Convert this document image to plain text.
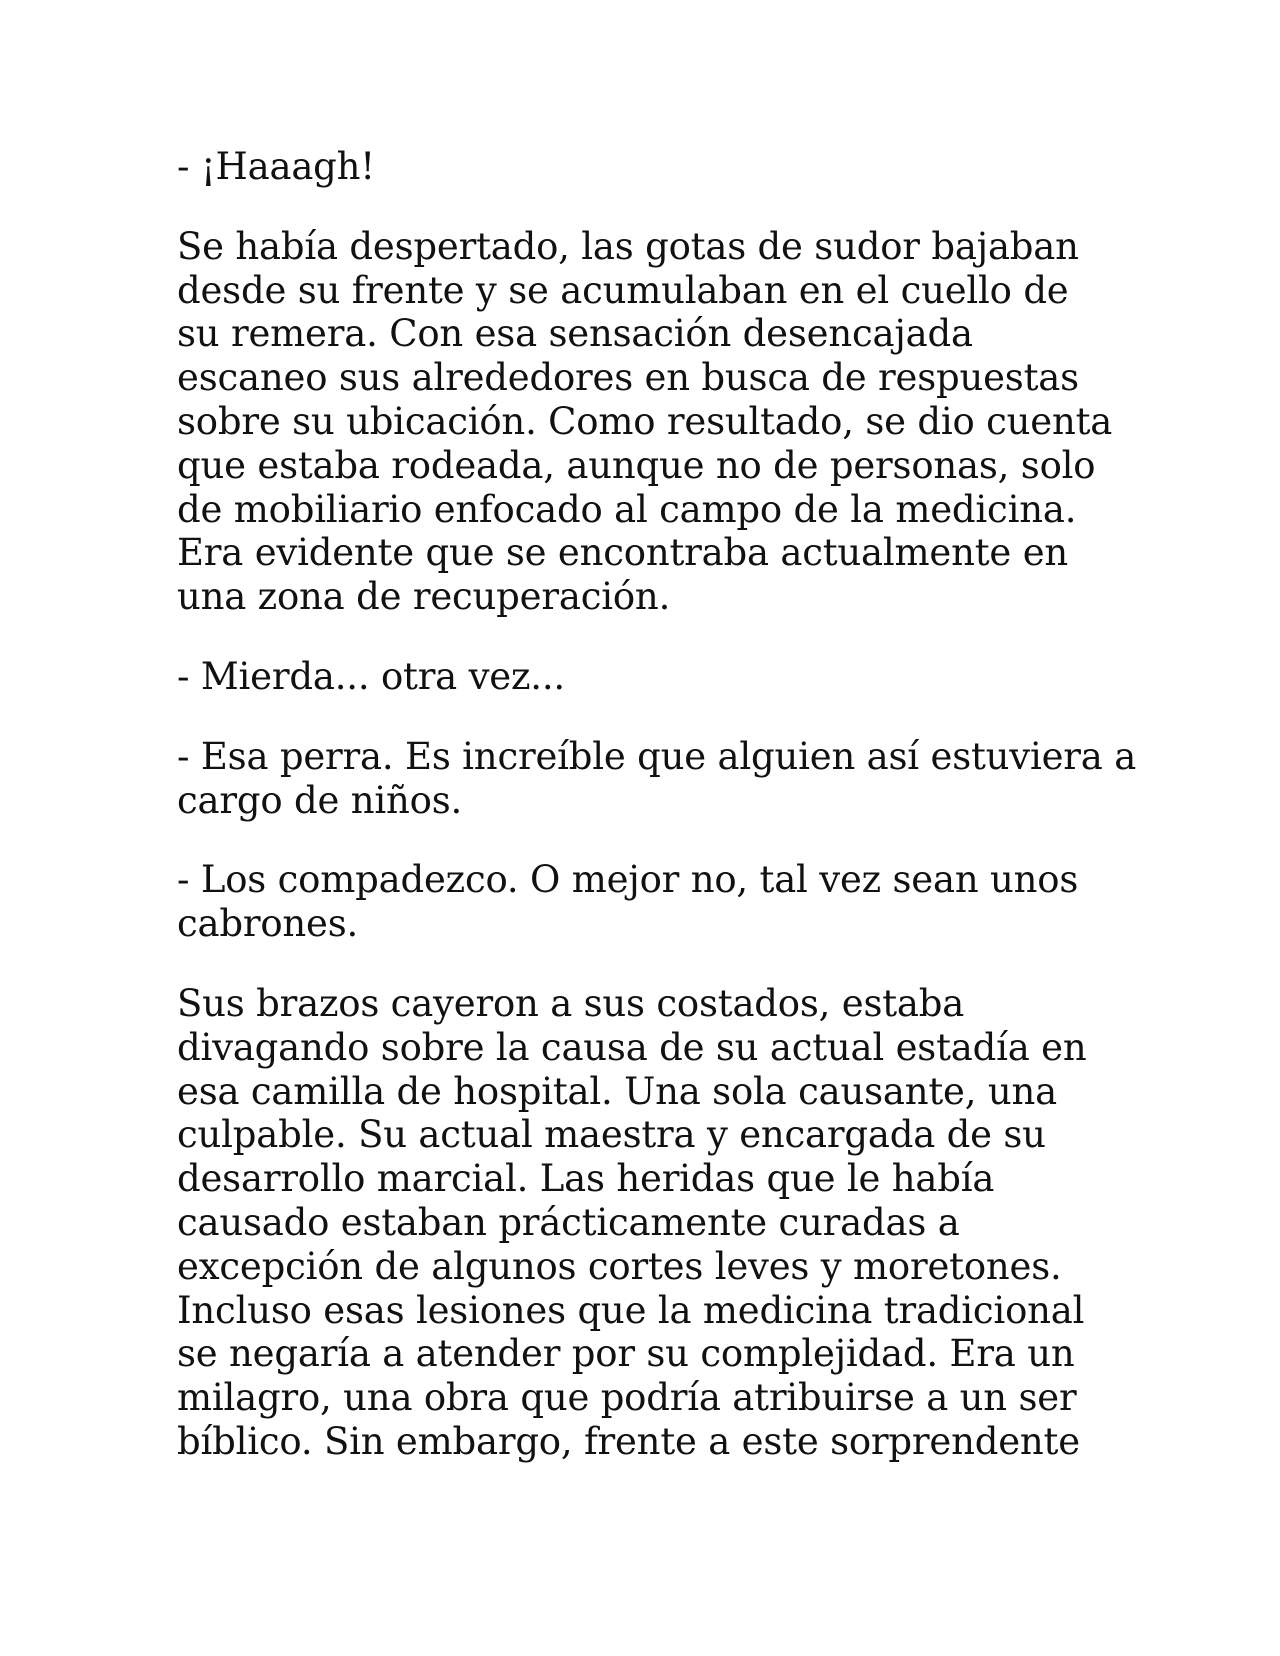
- ¡Haaagh!

Se había despertado, las gotas de sudor bajaban
desde su frente y se acumulaban en el cuello de
su remera. Con esa sensación desencajada
escaneo sus alrededores en busca de respuestas
sobre su ubicación. Como resultado, se dio cuenta
que estaba rodeada, aunque no de personas, solo
de mobiliario enfocado al campo de la medicina.
Era evidente que se encontraba actualmente en
una zona de recuperación.

- Mierda... otra vez...

- Esa perra. Es increíble que alguien así estuviera a
cargo de niños.

- Los compadezco. O mejor no, tal vez sean unos
cabrones.

Sus brazos cayeron a sus costados, estaba
divagando sobre la causa de su actual estadía en
esa camilla de hospital. Una sola causante, una
culpable. Su actual maestra y encargada de su
desarrollo marcial. Las heridas que le había
causado estaban prácticamente curadas a
excepción de algunos cortes leves y moretones.
Incluso esas lesiones que la medicina tradicional
se negaría a atender por su complejidad. Era un
milagro, una obra que podría atribuirse a un ser
bíblico. Sin embargo, frente a este sorprendente
